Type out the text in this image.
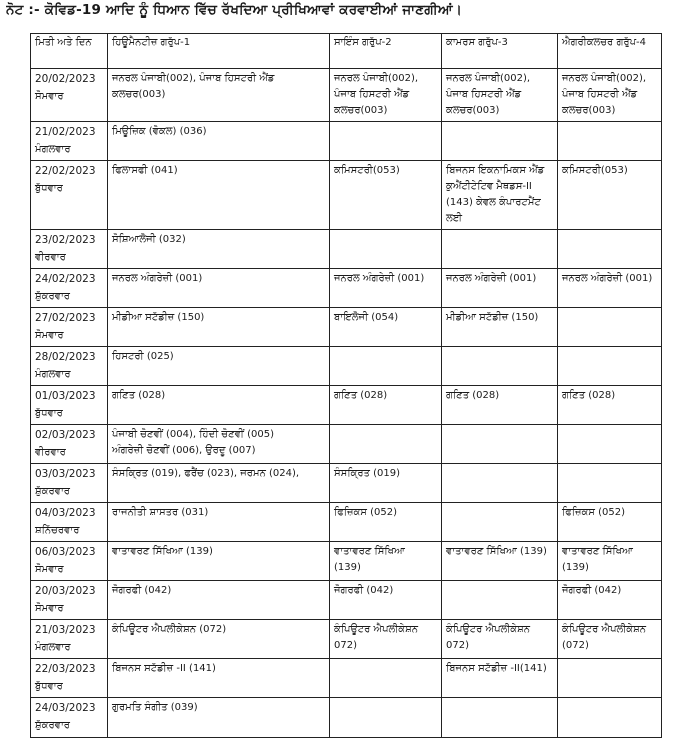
ਨੋਟ :- ਕੋਵਿਡ-19 ਆਦਿ ਨੂੰ ਧਿਆਨ ਵਿੱਚ ਰੱਖਦਿਆ ਪ੍ਰੀਖਿਆਵਾਂ ਕਰਵਾਈਆਂ ਜਾਣਗੀਆਂ।
ਮਿਤੀ ਅਤੇ ਦਿਨ	ਹਿਊਮੈਨਟੀਜ਼ ਗਰੁੱਪ-1	ਸਾਇੰਸ ਗਰੁੱਪ-2	ਕਾਮਰਸ ਗਰੁੱਪ-3	ਐਗਰੀਕਲਚਰ ਗਰੁੱਪ-4

20/02/2023
ਸੋਮਵਾਰ	ਜਨਰਲ ਪੰਜਾਬੀ(002), ਪੰਜਾਬ ਹਿਸਟਰੀ ਐਂਡ ਕਲਚਰ(003)	ਜਨਰਲ ਪੰਜਾਬੀ(002),
ਪੰਜਾਬ ਹਿਸਟਰੀ ਐਂਡ
ਕਲਚਰ(003)	ਜਨਰਲ ਪੰਜਾਬੀ(002),
ਪੰਜਾਬ ਹਿਸਟਰੀ ਐਂਡ
ਕਲਚਰ(003)	ਜਨਰਲ ਪੰਜਾਬੀ(002),
ਪੰਜਾਬ ਹਿਸਟਰੀ ਐਂਡ
ਕਲਚਰ(003)

21/02/2023
ਮੰਗਲਵਾਰ	ਮਿਊਜ਼ਿਕ (ਵੋਕਲ) (036)			

22/02/2023
ਬੁੱਧਵਾਰ	ਫਿਲਾਸਫੀ (041)	ਕਮਿਸਟਰੀ(053)	ਬਿਜਨਸ ਇਕਨਾਮਿਕਸ ਐਂਡ
ਕੁਐਂਟੀਟੇਟਿਵ ਮੈਥਡਸ-II
(143) ਕੇਵਲ ਕੰਪਾਰਟਮੈਂਟ
ਲਈ	ਕਮਿਸਟਰੀ(053)

23/02/2023
ਵੀਰਵਾਰ	ਸੋਸ਼ਿਆਲੋਜੀ (032)			

24/02/2023
ਸ਼ੁੱਕਰਵਾਰ	ਜਨਰਲ ਅੰਗਰੇਜ਼ੀ (001)	ਜਨਰਲ ਅੰਗਰੇਜ਼ੀ (001)	ਜਨਰਲ ਅੰਗਰੇਜ਼ੀ (001)	ਜਨਰਲ ਅੰਗਰੇਜ਼ੀ (001)

27/02/2023
ਸੋਮਵਾਰ	ਮੀਡੀਆ ਸਟੱਡੀਜ਼ (150)	ਬਾਇਲੋਜੀ (054)	ਮੀਡੀਆ ਸਟੱਡੀਜ਼ (150)	

28/02/2023
ਮੰਗਲਵਾਰ	ਹਿਸਟਰੀ (025)			

01/03/2023
ਬੁੱਧਵਾਰ	ਗਣਿਤ (028)	ਗਣਿਤ (028)	ਗਣਿਤ (028)	ਗਣਿਤ (028)

02/03/2023
ਵੀਰਵਾਰ	ਪੰਜਾਬੀ ਚੋਣਵੀਂ (004), ਹਿੰਦੀ ਚੋਣਵੀਂ (005)
ਅੰਗਰੇਜ਼ੀ ਚੋਣਵੀਂ (006), ਉਰਦੂ (007)			

03/03/2023
ਸ਼ੁੱਕਰਵਾਰ	ਸੰਸਕ੍ਰਿਤ (019), ਫਰੈਂਚ (023), ਜਰਮਨ (024),	ਸੰਸਕ੍ਰਿਤ (019)		

04/03/2023
ਸ਼ਨਿੱਚਰਵਾਰ	ਰਾਜਨੀਤੀ ਸ਼ਾਸਤਰ (031)	ਫਿਜ਼ਿਕਸ (052)		ਫਿਜ਼ਿਕਸ (052)

06/03/2023
ਸੋਮਵਾਰ	ਵਾਤਾਵਰਣ ਸਿੱਖਿਆ (139)	ਵਾਤਾਵਰਣ ਸਿੱਖਿਆ
(139)	ਵਾਤਾਵਰਣ ਸਿੱਖਿਆ (139)	ਵਾਤਾਵਰਣ ਸਿੱਖਿਆ
(139)

20/03/2023
ਸੋਮਵਾਰ	ਜੋਗਰਫੀ (042)	ਜੋਗਰਫੀ (042)		ਜੋਗਰਫੀ (042)

21/03/2023
ਮੰਗਲਵਾਰ	ਕੰਪਿਊਟਰ ਐਪਲੀਕੇਸ਼ਨ (072)	ਕੰਪਿਊਟਰ ਐਪਲੀਕੇਸ਼ਨ
072)	ਕੰਪਿਊਟਰ ਐਪਲੀਕੇਸ਼ਨ
072)	ਕੰਪਿਊਟਰ ਐਪਲੀਕੇਸ਼ਨ
(072)

22/03/2023
ਬੁੱਧਵਾਰ	ਬਿਜਨਸ ਸਟੱਡੀਜ਼ -II (141)		ਬਿਜਨਸ ਸਟੱਡੀਜ਼ -II(141)	

24/03/2023
ਸ਼ੁੱਕਰਵਾਰ	ਗੁਰਮਤਿ ਸੰਗੀਤ (039)			
